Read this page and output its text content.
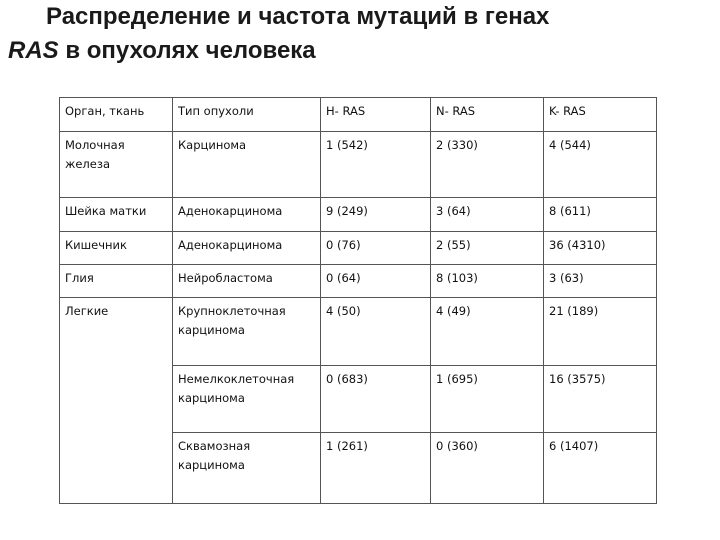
Распределение и частота мутаций в генах
RAS в опухолях человека
Орган, ткань	Тип опухоли	H- RAS	N- RAS	K- RAS
Молочная железа	Карцинома	1 (542)	2 (330)	4 (544)
Шейка матки	Аденокарцинома	9 (249)	3 (64)	8 (611)
Кишечник	Аденокарцинома	0 (76)	2 (55)	36 (4310)
Глия	Нейробластома	0 (64)	8 (103)	3 (63)
Легкие	Крупноклеточная карцинома	4 (50)	4 (49)	21 (189)
	Немелкоклеточная карцинома	0 (683)	1 (695)	16 (3575)
	Сквамозная карцинома	1 (261)	0 (360)	6 (1407)
